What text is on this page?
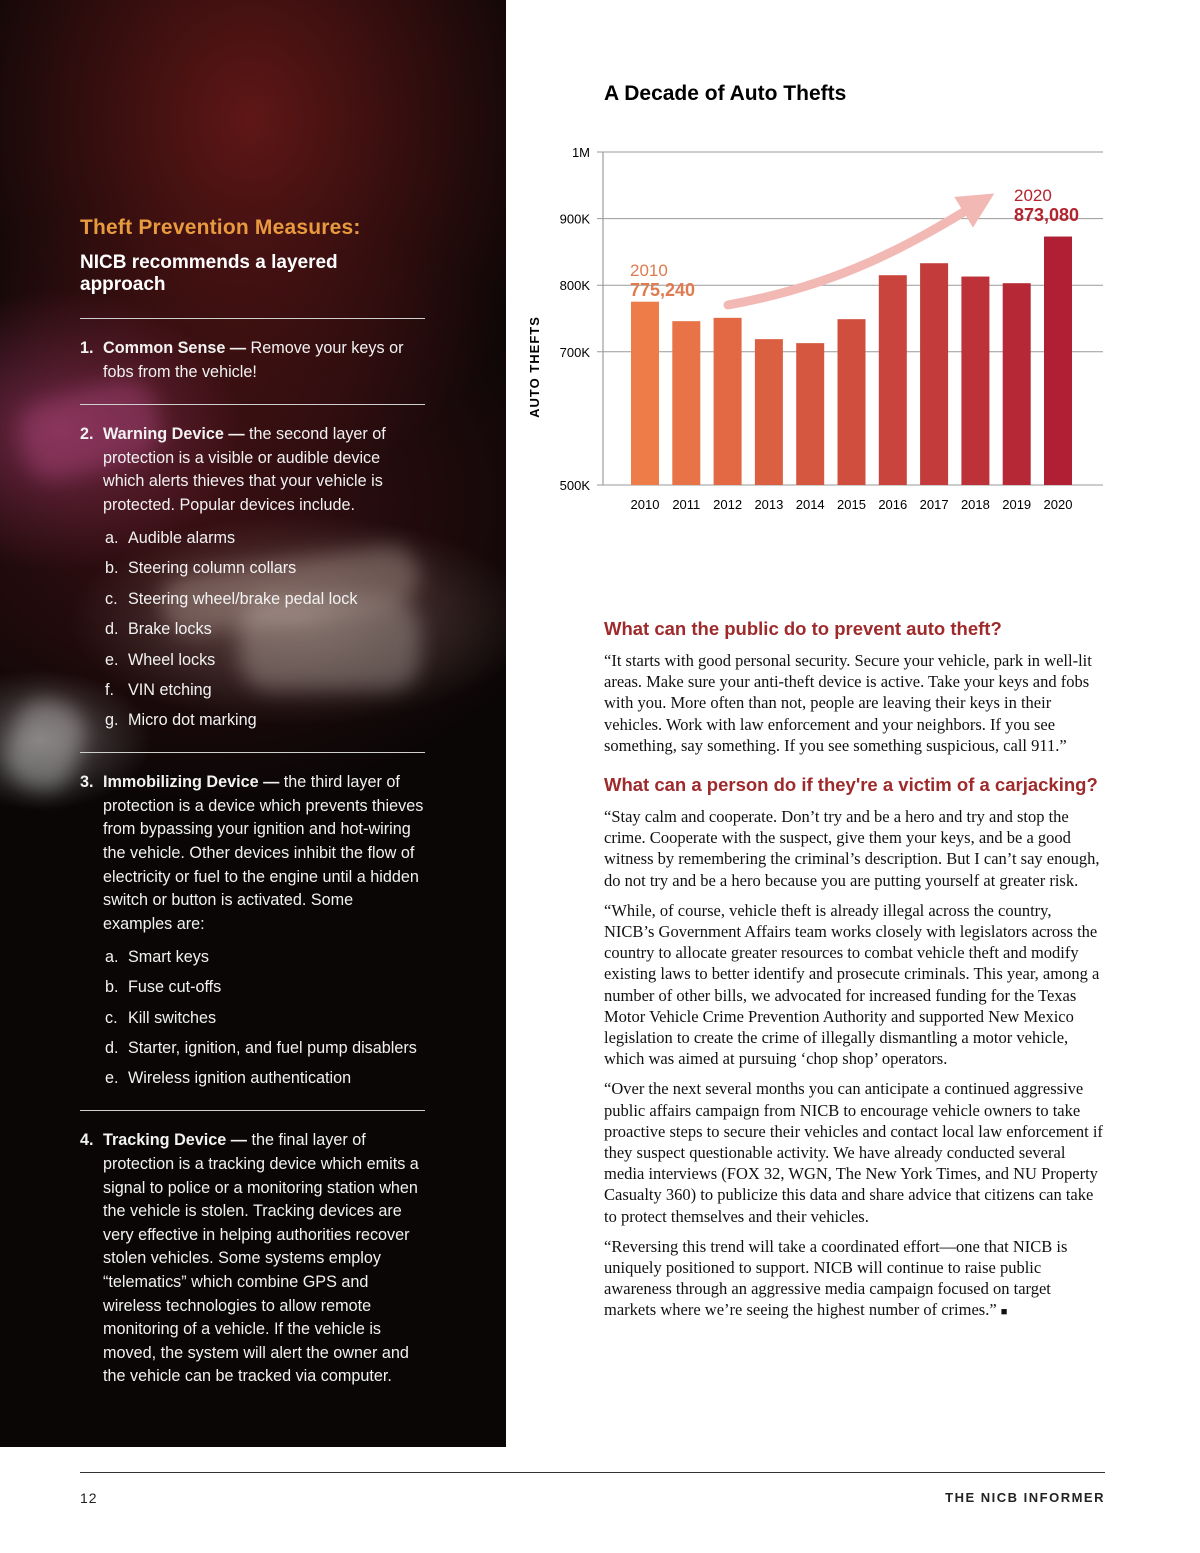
Theft Prevention Measures:

NICB recommends a layered approach

1. Common Sense — Remove your keys or fobs from the vehicle!
2. Warning Device — the second layer of protection is a visible or audible device which alerts thieves that your vehicle is protected. Popular devices include.
a. Audible alarms
b. Steering column collars
c. Steering wheel/brake pedal lock
d. Brake locks
e. Wheel locks
f. VIN etching
g. Micro dot marking
3. Immobilizing Device — the third layer of protection is a device which prevents thieves from bypassing your ignition and hot-wiring the vehicle. Other devices inhibit the flow of electricity or fuel to the engine until a hidden switch or button is activated. Some examples are:
a. Smart keys
b. Fuse cut-offs
c. Kill switches
d. Starter, ignition, and fuel pump disablers
e. Wireless ignition authentication
4. Tracking Device — the final layer of protection is a tracking device which emits a signal to police or a monitoring station when the vehicle is stolen. Tracking devices are very effective in helping authorities recover stolen vehicles. Some systems employ “telematics” which combine GPS and wireless technologies to allow remote monitoring of a vehicle. If the vehicle is moved, the system will alert the owner and the vehicle can be tracked via computer.
A Decade of Auto Thefts
500K
700K
800K
900K
1M
2010 2011 2012 2013 2014 2015 2016 2017 2018 2019 2020
AUTO THEFTS
2010
775,240
2020
873,080
What can the public do to prevent auto theft?

“It starts with good personal security. Secure your vehicle, park in well-lit areas. Make sure your anti-theft device is active. Take your keys and fobs with you. More often than not, people are leaving their keys in their vehicles. Work with law enforcement and your neighbors. If you see something, say something. If you see something suspicious, call 911.”

What can a person do if they're a victim of a carjacking?

“Stay calm and cooperate. Don’t try and be a hero and try and stop the crime. Cooperate with the suspect, give them your keys, and be a good witness by remembering the criminal’s description. But I can’t say enough, do not try and be a hero because you are putting yourself at greater risk.

“While, of course, vehicle theft is already illegal across the country, NICB’s Government Affairs team works closely with legislators across the country to allocate greater resources to combat vehicle theft and modify existing laws to better identify and prosecute criminals. This year, among a number of other bills, we advocated for increased funding for the Texas Motor Vehicle Crime Prevention Authority and supported New Mexico legislation to create the crime of illegally dismantling a motor vehicle, which was aimed at pursuing ‘chop shop’ operators.

“Over the next several months you can anticipate a continued aggressive public affairs campaign from NICB to encourage vehicle owners to take proactive steps to secure their vehicles and contact local law enforcement if they suspect questionable activity. We have already conducted several media interviews (FOX 32, WGN, The New York Times, and NU Property Casualty 360) to publicize this data and share advice that citizens can take to protect themselves and their vehicles.

“Reversing this trend will take a coordinated effort—one that NICB is uniquely positioned to support. NICB will continue to raise public awareness through an aggressive media campaign focused on target markets where we’re seeing the highest number of crimes.” ■

12	THE NICB INFORMER
